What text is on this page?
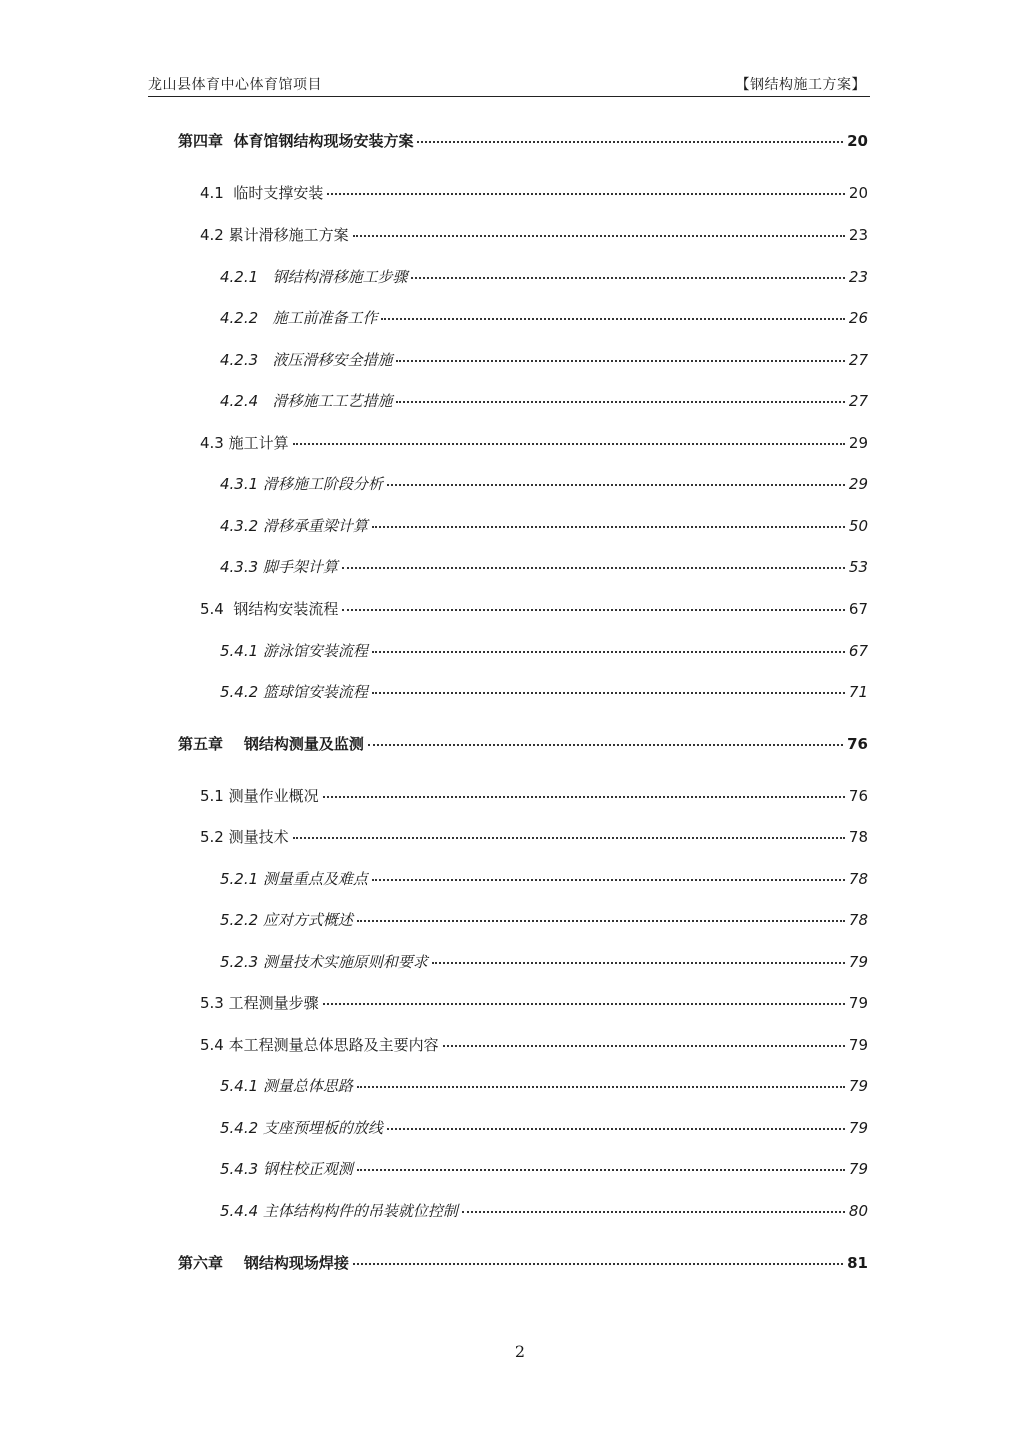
龙山县体育中心体育馆项目	【钢结构施工方案】
第四章  体育馆钢结构现场安装方案	20
4.1  临时支撑安装	20
4.2 累计滑移施工方案	23
4.2.1   钢结构滑移施工步骤	23
4.2.2   施工前准备工作	26
4.2.3   液压滑移安全措施	27
4.2.4   滑移施工工艺措施	27
4.3 施工计算	29
4.3.1 滑移施工阶段分析	29
4.3.2 滑移承重梁计算	50
4.3.3 脚手架计算	53
5.4  钢结构安装流程	67
5.4.1 游泳馆安装流程	67
5.4.2 篮球馆安装流程	71
第五章    钢结构测量及监测	76
5.1 测量作业概况	76
5.2 测量技术	78
5.2.1 测量重点及难点	78
5.2.2 应对方式概述	78
5.2.3 测量技术实施原则和要求	79
5.3 工程测量步骤	79
5.4 本工程测量总体思路及主要内容	79
5.4.1 测量总体思路	79
5.4.2 支座预埋板的放线	79
5.4.3 钢柱校正观测	79
5.4.4 主体结构构件的吊装就位控制	80
第六章    钢结构现场焊接	81
2
